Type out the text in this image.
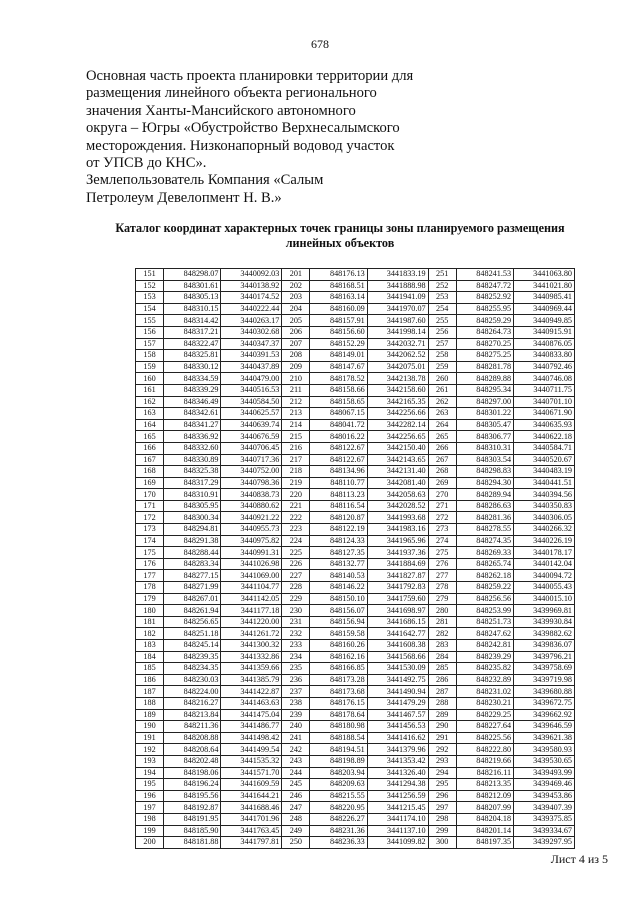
678
Основная часть проекта планировки территории для
размещения линейного объекта регионального
значения Ханты-Мансийского автономного
округа – Югры «Обустройство Верхнесалымского
месторождения. Низконапорный водовод участок
от УПСВ до КНС».
Землепользователь Компания «Салым
Петролеум Девелопмент Н. В.»
Каталог координат характерных точек границы зоны планируемого размещения
линейных объектов
151	848298.07	3440092.03	201	848176.13	3441833.19	251	848241.53	3441063.80
152	848301.61	3440138.92	202	848168.51	3441888.98	252	848247.72	3441021.80
153	848305.13	3440174.52	203	848163.14	3441941.09	253	848252.92	3440985.41
154	848310.15	3440222.44	204	848160.09	3441970.07	254	848255.95	3440969.44
155	848314.42	3440263.17	205	848157.91	3441987.60	255	848259.29	3440949.85
156	848317.21	3440302.68	206	848156.60	3441998.14	256	848264.73	3440915.91
157	848322.47	3440347.37	207	848152.29	3442032.71	257	848270.25	3440876.05
158	848325.81	3440391.53	208	848149.01	3442062.52	258	848275.25	3440833.80
159	848330.12	3440437.89	209	848147.67	3442075.01	259	848281.78	3440792.46
160	848334.59	3440479.00	210	848178.52	3442138.78	260	848289.88	3440746.08
161	848339.29	3440516.53	211	848158.66	3442158.60	261	848295.34	3440711.75
162	848346.49	3440584.50	212	848158.65	3442165.35	262	848297.00	3440701.10
163	848342.61	3440625.57	213	848067.15	3442256.66	263	848301.22	3440671.90
164	848341.27	3440639.74	214	848041.72	3442282.14	264	848305.47	3440635.93
165	848336.92	3440676.59	215	848016.22	3442256.65	265	848306.77	3440622.18
166	848332.60	3440706.45	216	848122.67	3442150.40	266	848310.31	3440584.71
167	848330.89	3440717.36	217	848122.67	3442143.65	267	848303.54	3440520.67
168	848325.38	3440752.00	218	848134.96	3442131.40	268	848298.83	3440483.19
169	848317.29	3440798.36	219	848110.77	3442081.40	269	848294.30	3440441.51
170	848310.91	3440838.73	220	848113.23	3442058.63	270	848289.94	3440394.56
171	848305.95	3440880.62	221	848116.54	3442028.52	271	848286.63	3440350.83
172	848300.34	3440921.22	222	848120.87	3441993.68	272	848281.36	3440306.05
173	848294.81	3440955.73	223	848122.19	3441983.16	273	848278.55	3440266.32
174	848291.38	3440975.82	224	848124.33	3441965.96	274	848274.35	3440226.19
175	848288.44	3440991.31	225	848127.35	3441937.36	275	848269.33	3440178.17
176	848283.34	3441026.98	226	848132.77	3441884.69	276	848265.74	3440142.04
177	848277.15	3441069.00	227	848140.53	3441827.87	277	848262.18	3440094.72
178	848271.99	3441104.77	228	848146.22	3441792.83	278	848259.22	3440055.43
179	848267.01	3441142.05	229	848150.10	3441759.60	279	848256.56	3440015.10
180	848261.94	3441177.18	230	848156.07	3441698.97	280	848253.99	3439969.81
181	848256.65	3441220.00	231	848156.94	3441686.15	281	848251.73	3439930.84
182	848251.18	3441261.72	232	848159.58	3441642.77	282	848247.62	3439882.62
183	848245.14	3441300.32	233	848160.26	3441608.38	283	848242.81	3439836.07
184	848239.35	3441332.86	234	848162.16	3441568.66	284	848239.29	3439796.21
185	848234.35	3441359.66	235	848166.85	3441530.09	285	848235.82	3439758.69
186	848230.03	3441385.79	236	848173.28	3441492.75	286	848232.89	3439719.98
187	848224.00	3441422.87	237	848173.68	3441490.94	287	848231.02	3439680.88
188	848216.27	3441463.63	238	848176.15	3441479.29	288	848230.21	3439672.75
189	848213.84	3441475.04	239	848178.64	3441467.57	289	848229.25	3439662.92
190	848211.36	3441486.77	240	848180.98	3441456.53	290	848227.64	3439646.59
191	848208.88	3441498.42	241	848188.54	3441416.62	291	848225.56	3439621.38
192	848208.64	3441499.54	242	848194.51	3441379.96	292	848222.80	3439580.93
193	848202.48	3441535.32	243	848198.89	3441353.42	293	848219.66	3439530.65
194	848198.06	3441571.70	244	848203.94	3441326.40	294	848216.11	3439493.99
195	848196.24	3441609.59	245	848209.63	3441294.38	295	848213.35	3439469.46
196	848195.56	3441644.21	246	848215.55	3441256.59	296	848212.09	3439453.86
197	848192.87	3441688.46	247	848220.95	3441215.45	297	848207.99	3439407.39
198	848191.95	3441701.96	248	848226.27	3441174.10	298	848204.18	3439375.85
199	848185.90	3441763.45	249	848231.36	3441137.10	299	848201.14	3439334.67
200	848181.88	3441797.81	250	848236.33	3441099.82	300	848197.35	3439297.95
Лист 4 из 5
